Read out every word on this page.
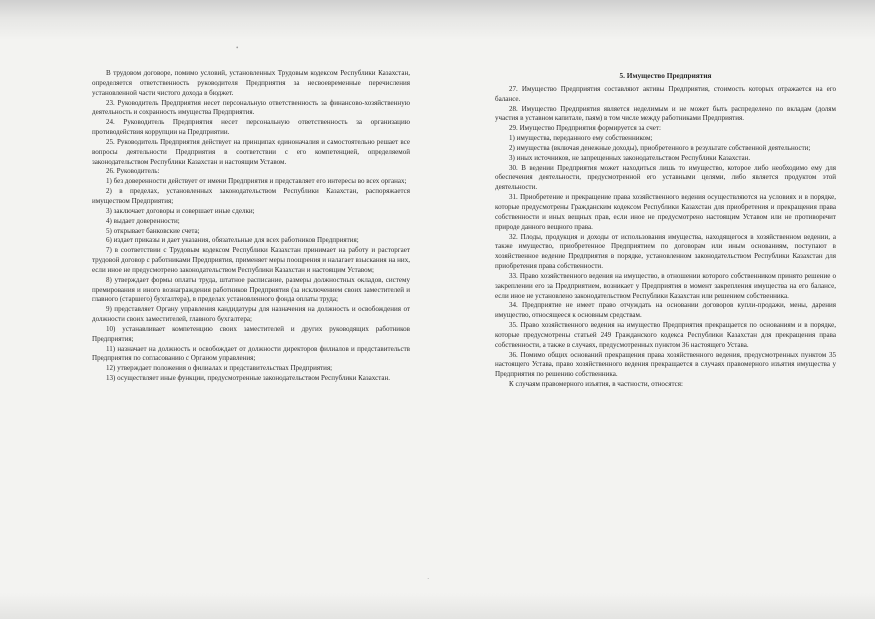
•
·

В трудовом договоре, помимо условий, установленных Трудовым кодексом Республики Казахстан, определяется ответственность руководителя Предприятия за несвоевременные перечисления установленной части чистого дохода в бюджет.

23. Руководитель Предприятия несет персональную ответственность за финансово-хозяйственную деятельность и сохранность имущества Предприятия.

24. Руководитель Предприятия несет персональную ответственность за организацию противодействия коррупции на Предприятии.

25. Руководитель Предприятия действует на принципах единоначалия и самостоятельно решает все вопросы деятельности Предприятия в соответствии с его компетенцией, определяемой законодательством Республики Казахстан и настоящим Уставом.

26. Руководитель:

1) без доверенности действует от имени Предприятия и представляет его интересы во всех органах;

2) в пределах, установленных законодательством Республики Казахстан, распоряжается имуществом Предприятия;

3) заключает договоры и совершает иные сделки;

4) выдает доверенности;

5) открывает банковские счета;

6) издает приказы и дает указания, обязательные для всех работников Предприятия;

7) в соответствии с Трудовым кодексом Республики Казахстан принимает на работу и расторгает трудовой договор с работниками Предприятия, применяет меры поощрения и налагает взыскания на них, если иное не предусмотрено законодательством Республики Казахстан и настоящим Уставом;

8) утверждает формы оплаты труда, штатное расписание, размеры должностных окладов, систему премирования и иного вознаграждения работников Предприятия (за исключением своих заместителей и главного (старшего) бухгалтера), в пределах установленного фонда оплаты труда;

9) представляет Органу управления кандидатуры для назначения на должность и освобождения от должности своих заместителей, главного бухгалтера;

10) устанавливает компетенцию своих заместителей и других руководящих работников Предприятия;

11) назначает на должность и освобождает от должности директоров филиалов и представительств Предприятия по согласованию с Органом управления;

12) утверждает положения о филиалах и представительствах Предприятия;

13) осуществляет иные функции, предусмотренные законодательством Республики Казахстан.

5. Имущество Предприятия

27. Имущество Предприятия составляют активы Предприятия, стоимость которых отражается на его балансе.

28. Имущество Предприятия является неделимым и не может быть распределено по вкладам (долям участия в уставном капитале, паям) в том числе между работниками Предприятия.

29. Имущество Предприятия формируется за счет:

1) имущества, переданного ему собственником;

2) имущества (включая денежные доходы), приобретенного в результате собственной деятельности;

3) иных источников, не запрещенных законодательством Республики Казахстан.

30. В ведении Предприятия может находиться лишь то имущество, которое либо необходимо ему для обеспечения деятельности, предусмотренной его уставными целями, либо является продуктом этой деятельности.

31. Приобретение и прекращение права хозяйственного ведения осуществляются на условиях и в порядке, которые предусмотрены Гражданским кодексом Республики Казахстан для приобретения и прекращения права собственности и иных вещных прав, если иное не предусмотрено настоящим Уставом или не противоречит природе данного вещного права.

32. Плоды, продукция и доходы от использования имущества, находящегося в хозяйственном ведении, а также имущество, приобретенное Предприятием по договорам или иным основаниям, поступают в хозяйственное ведение Предприятия в порядке, установленном законодательством Республики Казахстан для приобретения права собственности.

33. Право хозяйственного ведения на имущество, в отношении которого собственником принято решение о закреплении его за Предприятием, возникает у Предприятия в момент закрепления имущества на его балансе, если иное не установлено законодательством Республики Казахстан или решением собственника.

34. Предприятие не имеет право отчуждать на основании договоров купли-продажи, мены, дарения имущество, относящееся к основным средствам.

35. Право хозяйственного ведения на имущество Предприятия прекращается по основаниям и в порядке, которые предусмотрены статьей 249 Гражданского кодекса Республики Казахстан для прекращения права собственности, а также в случаях, предусмотренных пунктом 36 настоящего Устава.

36. Помимо общих оснований прекращения права хозяйственного ведения, предусмотренных пунктом 35 настоящего Устава, право хозяйственного ведения прекращается в случаях правомерного изъятия имущества у Предприятия по решению собственника.

К случаям правомерного изъятия, в частности, относятся:
